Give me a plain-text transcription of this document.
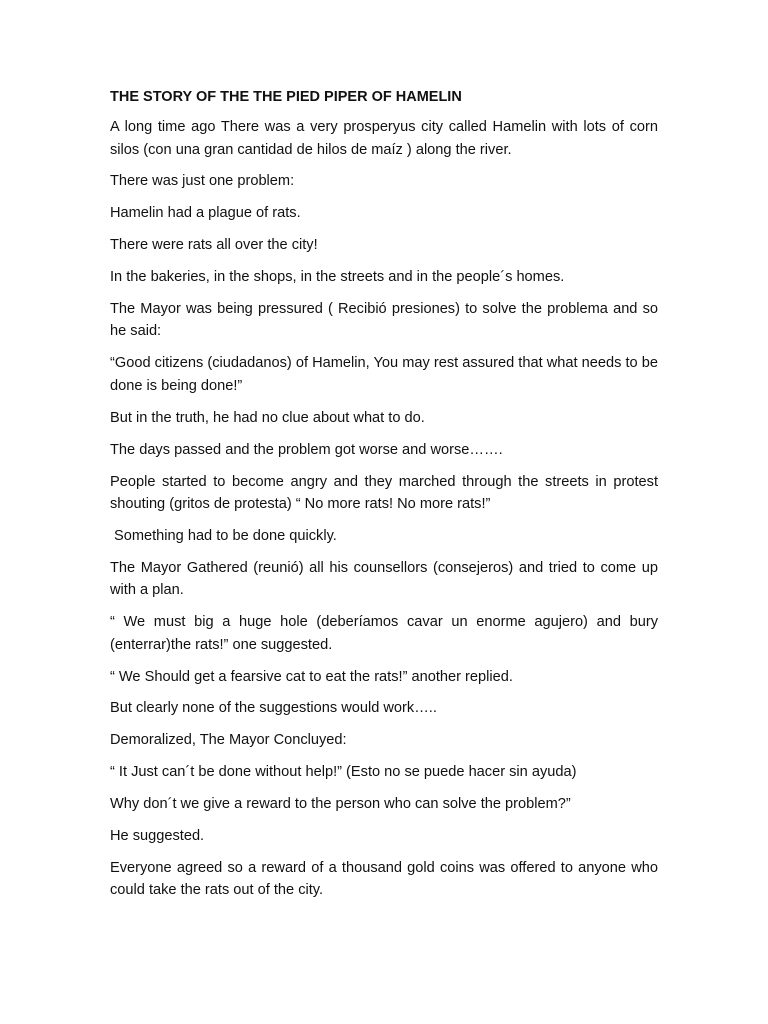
THE STORY OF THE THE PIED PIPER OF HAMELIN

A long time ago There was a very prosperyus city called Hamelin with lots of corn silos (con una gran cantidad de hilos de maíz ) along the river.

There was just one problem:

Hamelin had a plague of rats.

There were rats all over the city!

In the bakeries, in the shops, in the streets and in the people´s homes.

The Mayor was being pressured ( Recibió presiones) to solve the problema and so he said:

“Good citizens (ciudadanos) of Hamelin, You may rest assured that what needs to be done is being done!”

But in the truth, he had no clue about what to do.

The days passed and the problem got worse and worse…….

People started to become angry and they marched through the streets in protest shouting (gritos de protesta) “ No more rats! No more rats!”

Something had to be done quickly.

The Mayor Gathered (reunió) all his counsellors (consejeros) and tried to come up with a plan.

“ We must big a huge hole (deberíamos cavar un enorme agujero) and bury (enterrar)the rats!” one suggested.

“ We Should get a fearsive cat to eat the rats!” another replied.

But clearly none of the suggestions would work…..

Demoralized, The Mayor Concluyed:

“ It Just can´t be done without help!” (Esto no se puede hacer sin ayuda)

Why don´t we give a reward to the person who can solve the problem?”

He suggested.

Everyone agreed so a reward of a thousand gold coins was offered to anyone who could take the rats out of the city.
